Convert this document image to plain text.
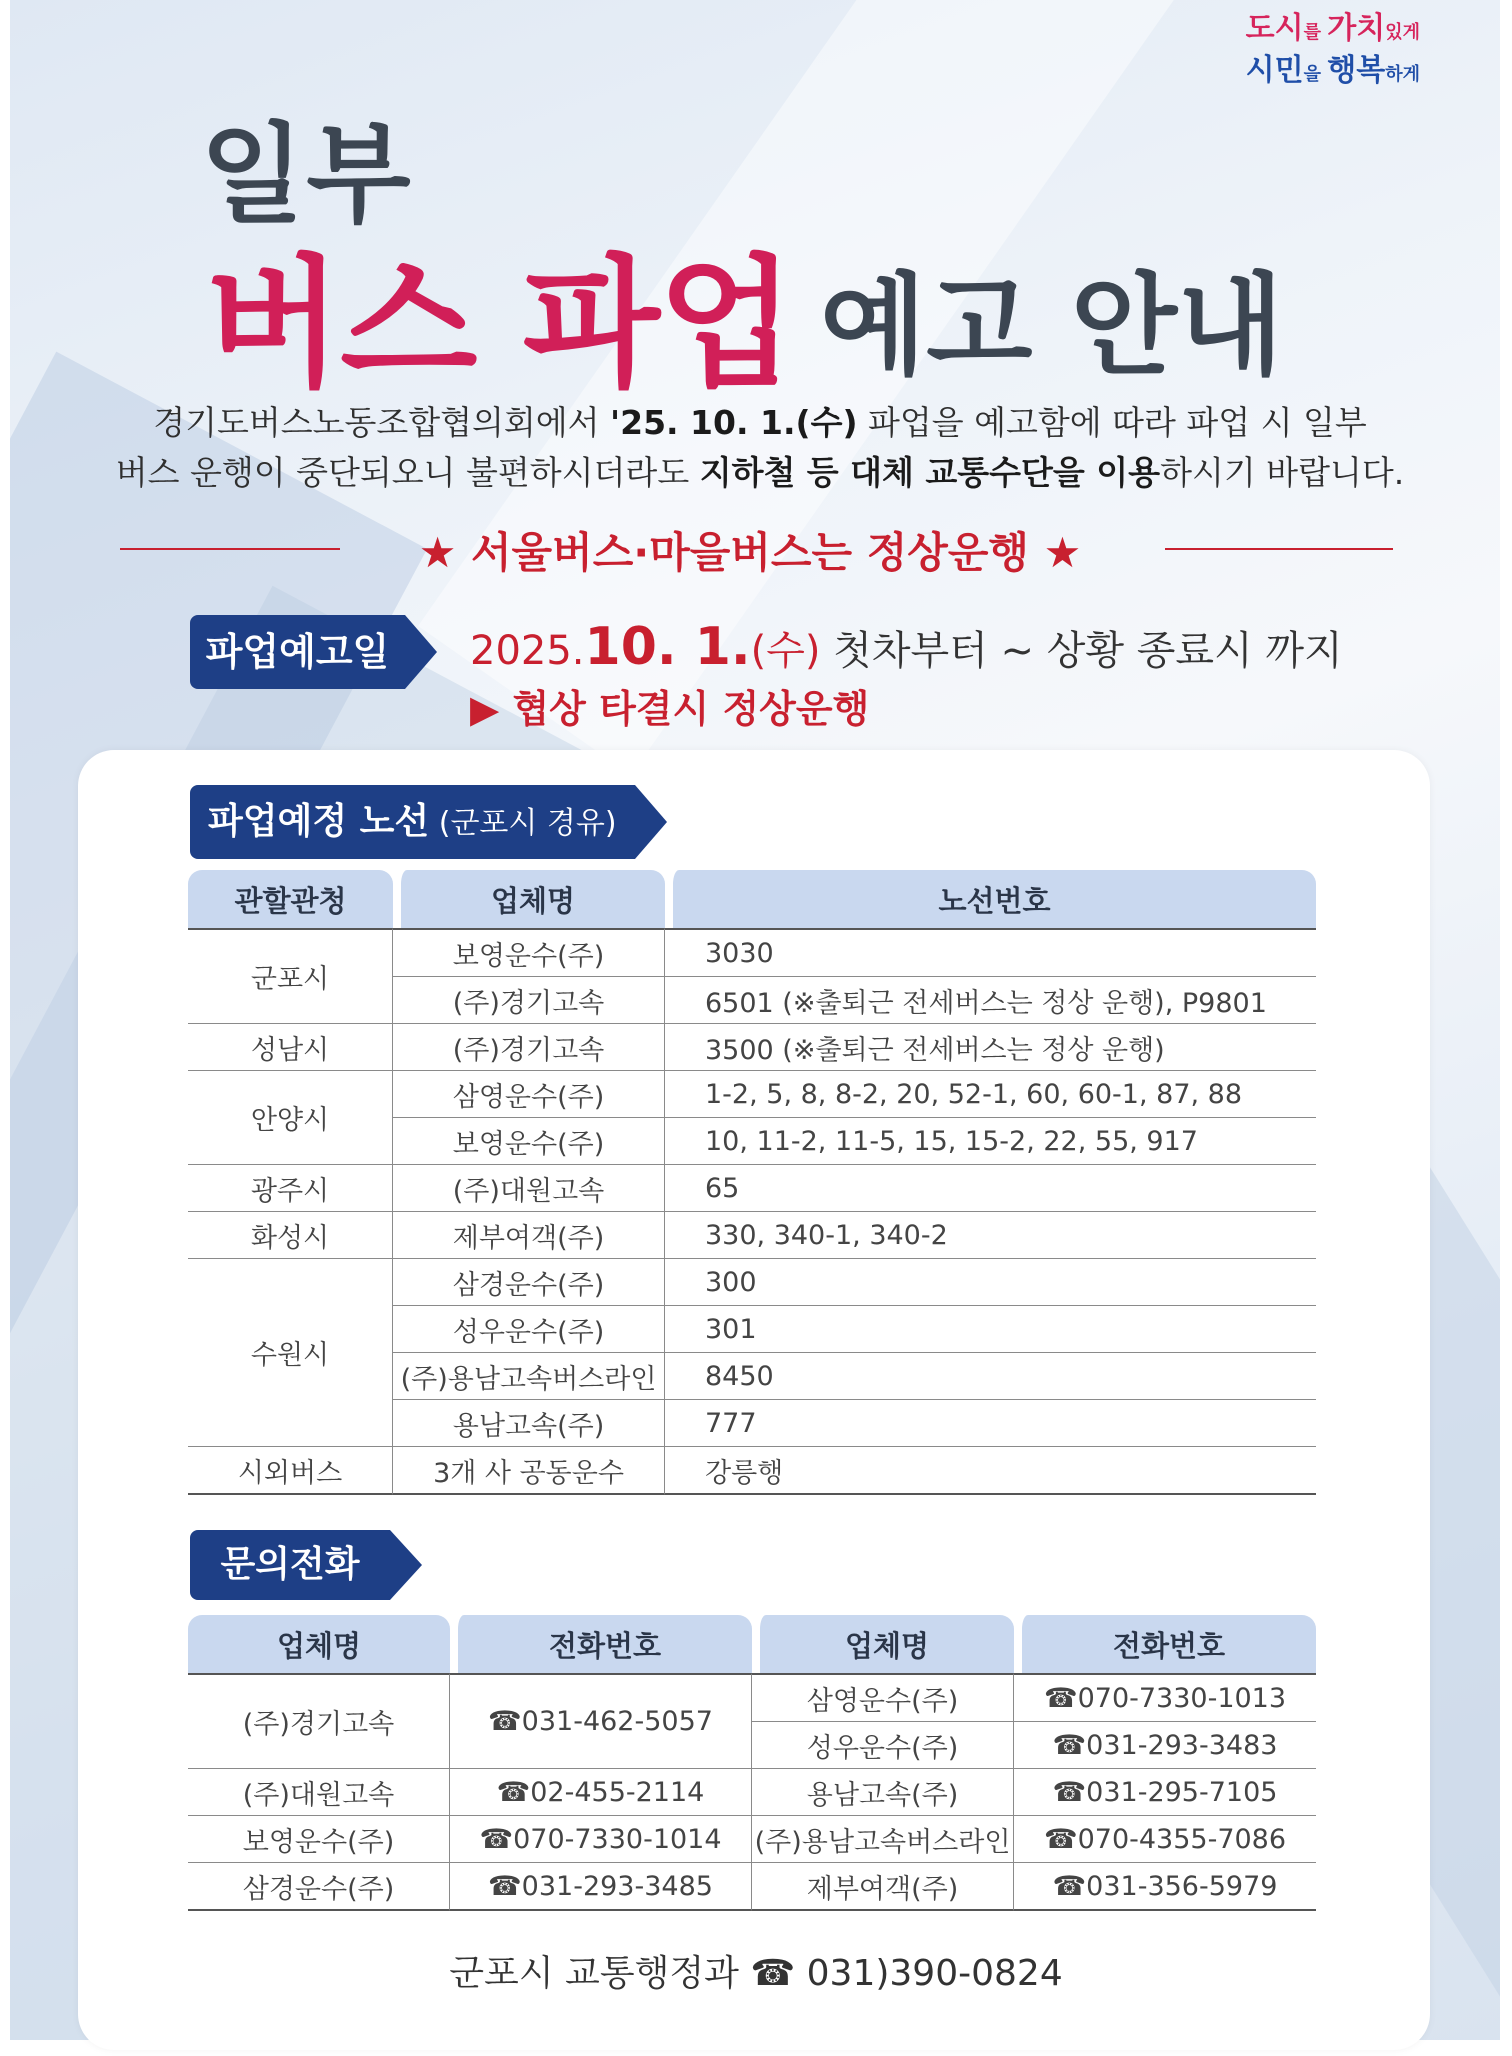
도시를 가치있게
시민을 행복하게
일부
버스 파업 예고 안내
경기도버스노동조합협의회에서 '25. 10. 1.(수) 파업을 예고함에 따라 파업 시 일부
버스 운행이 중단되오니 불편하시더라도 지하철 등 대체 교통수단을 이용하시기 바랍니다.
★ 서울버스·마을버스는 정상운행 ★
파업예고일	2025.10. 1.(수) 첫차부터 ~ 상황 종료시 까지
▶ 협상 타결시 정상운행
파업예정 노선 (군포시 경유)
관할관청	업체명	노선번호
군포시	보영운수(주)	3030
	(주)경기고속	6501 (※출퇴근 전세버스는 정상 운행), P9801
성남시	(주)경기고속	3500 (※출퇴근 전세버스는 정상 운행)
안양시	삼영운수(주)	1-2, 5, 8, 8-2, 20, 52-1, 60, 60-1, 87, 88
	보영운수(주)	10, 11-2, 11-5, 15, 15-2, 22, 55, 917
광주시	(주)대원고속	65
화성시	제부여객(주)	330, 340-1, 340-2
수원시	삼경운수(주)	300
	성우운수(주)	301
	(주)용남고속버스라인	8450
	용남고속(주)	777
시외버스	3개 사 공동운수	강릉행
문의전화
업체명	전화번호	업체명	전화번호
(주)경기고속	☎031-462-5057	삼영운수(주)	☎070-7330-1013
		성우운수(주)	☎031-293-3483
(주)대원고속	☎02-455-2114	용남고속(주)	☎031-295-7105
보영운수(주)	☎070-7330-1014	(주)용남고속버스라인	☎070-4355-7086
삼경운수(주)	☎031-293-3485	제부여객(주)	☎031-356-5979
군포시 교통행정과 ☎ 031)390-0824
